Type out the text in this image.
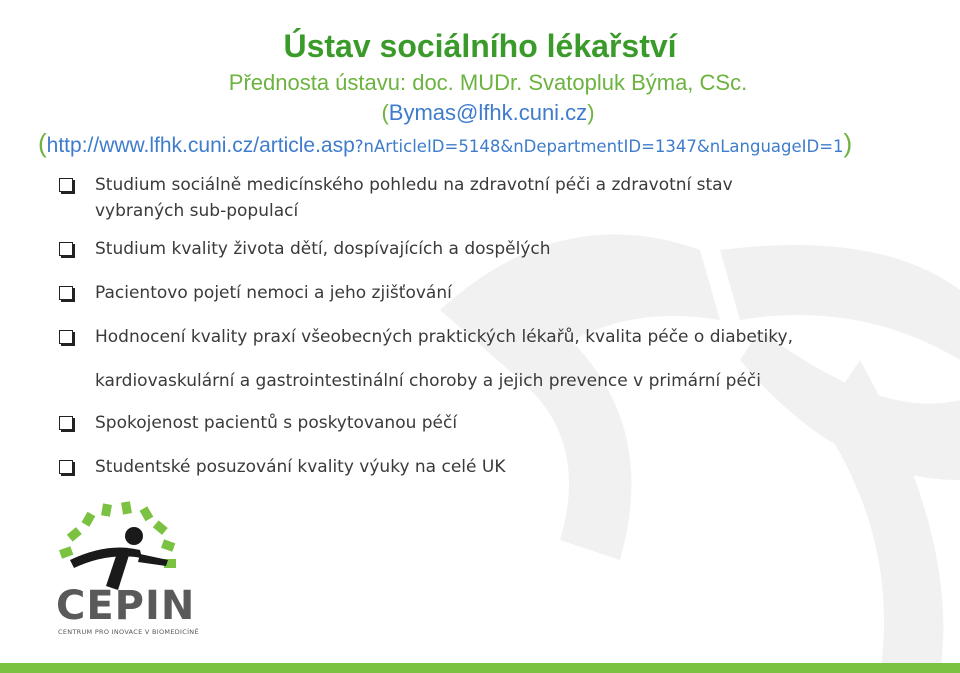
Ústav sociálního lékařství
Přednosta ústavu: doc. MUDr. Svatopluk Býma, CSc.
(Bymas@lfhk.cuni.cz)
(http://www.lfhk.cuni.cz/article.asp?nArticleID=5148&nDepartmentID=1347&nLanguageID=1)
Studium sociálně medicínského pohledu na zdravotní péči a zdravotní stav
vybraných sub-populací
Studium kvality života dětí, dospívajících a dospělých
Pacientovo pojetí nemoci a jeho zjišťování
Hodnocení kvality praxí všeobecných praktických lékařů, kvalita péče o diabetiky,
kardiovaskulární a gastrointestinální choroby a jejich prevence v primární péči
Spokojenost pacientů s poskytovanou péčí
Studentské posuzování kvality výuky na celé UK
CEPIN
CENTRUM PRO INOVACE V BIOMEDICÍNĚ
